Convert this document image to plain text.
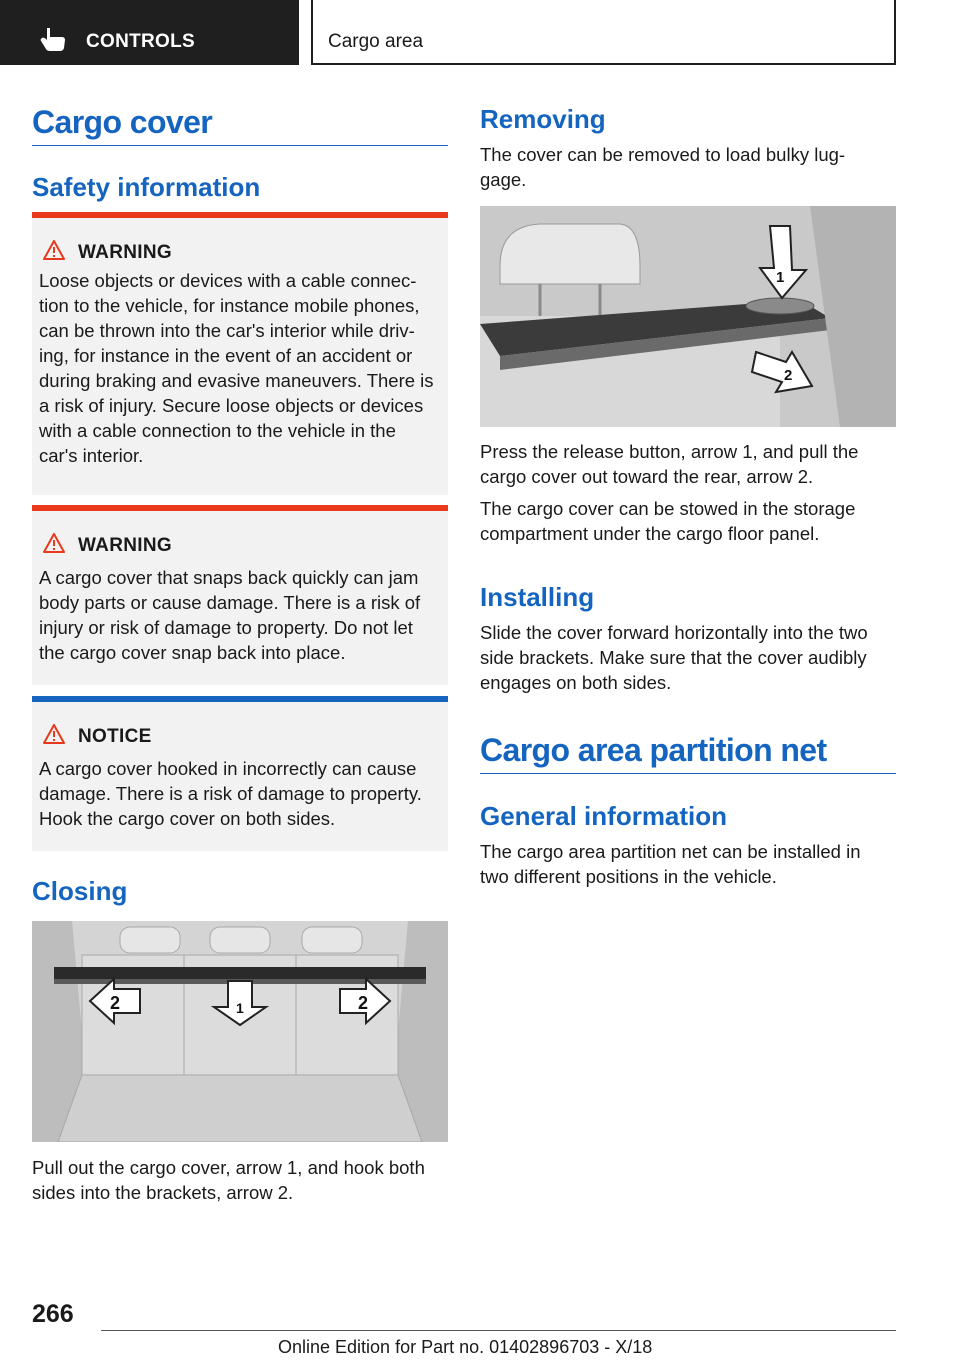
CONTROLS	Cargo area
Cargo cover
Safety information
WARNING
Loose objects or devices with a cable connec-
tion to the vehicle, for instance mobile phones,
can be thrown into the car's interior while driv-
ing, for instance in the event of an accident or
during braking and evasive maneuvers. There is
a risk of injury. Secure loose objects or devices
with a cable connection to the vehicle in the
car's interior.
WARNING
A cargo cover that snaps back quickly can jam
body parts or cause damage. There is a risk of
injury or risk of damage to property. Do not let
the cargo cover snap back into place.
NOTICE
A cargo cover hooked in incorrectly can cause
damage. There is a risk of damage to property.
Hook the cargo cover on both sides.
Closing
2	1	2
Pull out the cargo cover, arrow 1, and hook both
sides into the brackets, arrow 2.
Removing
The cover can be removed to load bulky lug-
gage.
1
2
Press the release button, arrow 1, and pull the
cargo cover out toward the rear, arrow 2.
The cargo cover can be stowed in the storage
compartment under the cargo floor panel.
Installing
Slide the cover forward horizontally into the two
side brackets. Make sure that the cover audibly
engages on both sides.
Cargo area partition net
General information
The cargo area partition net can be installed in
two different positions in the vehicle.
266
Online Edition for Part no. 01402896703 - X/18
